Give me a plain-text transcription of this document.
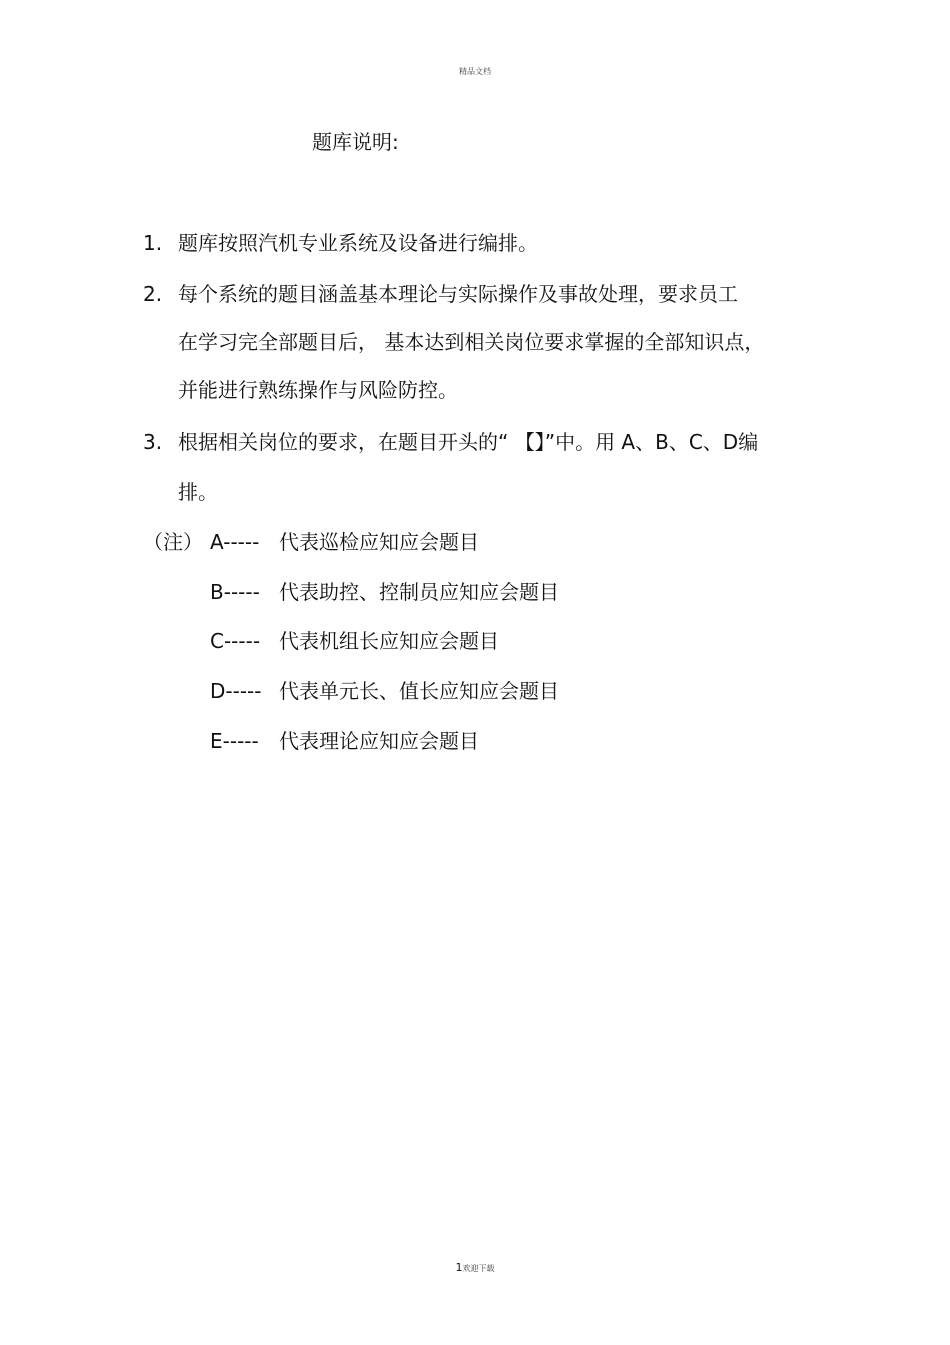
精品文档
题库说明:
1. 题库按照汽机专业系统及设备进行编排。
2. 每个系统的题目涵盖基本理论与实际操作及事故处理，要求员工
在学习完全部题目后， 基本达到相关岗位要求掌握的全部知识点，
并能进行熟练操作与风险防控。
3. 根据相关岗位的要求，在题目开头的“ 【】”中。用 A、B、C、D编
排。
（注） A----- 代表巡检应知应会题目
B----- 代表助控、控制员应知应会题目
C----- 代表机组长应知应会题目
D----- 代表单元长、值长应知应会题目
E----- 代表理论应知应会题目
1欢迎下载
